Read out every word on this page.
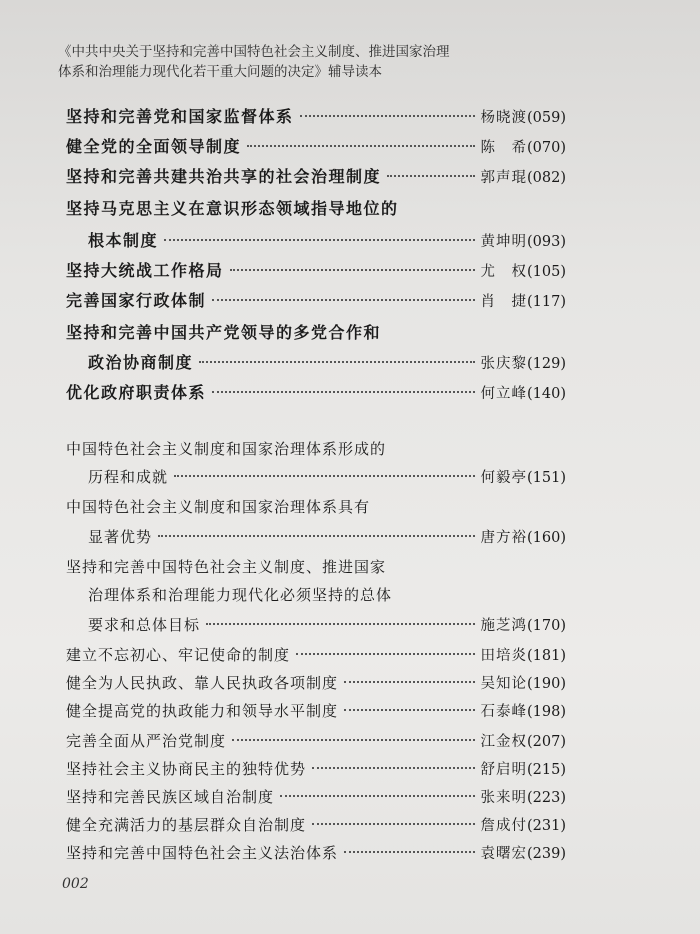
《中共中央关于坚持和完善中国特色社会主义制度、推进国家治理
体系和治理能力现代化若干重大问题的决定》辅导读本
坚持和完善党和国家监督体系	杨晓渡 (059)
健全党的全面领导制度	陈　希 (070)
坚持和完善共建共治共享的社会治理制度	郭声琨 (082)
坚持马克思主义在意识形态领域指导地位的
根本制度	黄坤明 (093)
坚持大统战工作格局	尤　权 (105)
完善国家行政体制	肖　捷 (117)
坚持和完善中国共产党领导的多党合作和
政治协商制度	张庆黎 (129)
优化政府职责体系	何立峰 (140)
中国特色社会主义制度和国家治理体系形成的
历程和成就	何毅亭 (151)
中国特色社会主义制度和国家治理体系具有
显著优势	唐方裕 (160)
坚持和完善中国特色社会主义制度、推进国家
治理体系和治理能力现代化必须坚持的总体
要求和总体目标	施芝鸿 (170)
建立不忘初心、牢记使命的制度	田培炎 (181)
健全为人民执政、靠人民执政各项制度	吴知论 (190)
健全提高党的执政能力和领导水平制度	石泰峰 (198)
完善全面从严治党制度	江金权 (207)
坚持社会主义协商民主的独特优势	舒启明 (215)
坚持和完善民族区域自治制度	张来明 (223)
健全充满活力的基层群众自治制度	詹成付 (231)
坚持和完善中国特色社会主义法治体系	袁曙宏 (239)
002
